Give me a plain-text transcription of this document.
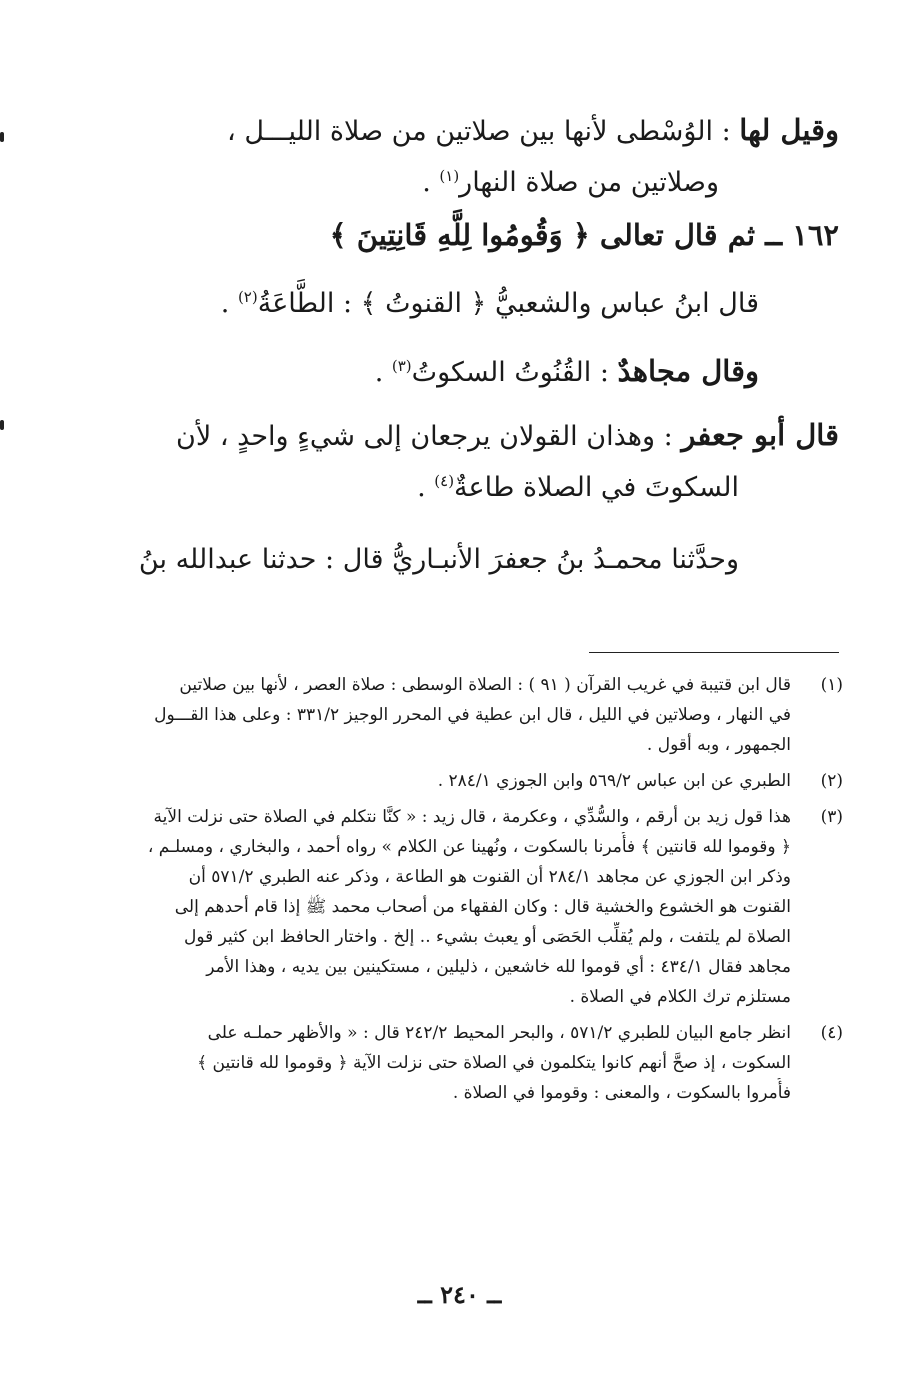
وقيل لها : الوُسْطى لأنها بين صلاتين من صلاة الليـــل ،
وصلاتين من صلاة النهار$^{(١)}$ .
١٦٢ ــ ثم قال تعالى ﴿ وَقُومُوا لِلَّهِ قَانِتِينَ ﴾
قال ابنُ عباس والشعبيُّ ﴿ القنوتُ ﴾ : الطَّاعَةُ$^{(٢)}$ .
وقال مجاهدٌ : القُنُوتُ السكوتُ$^{(٣)}$ .
قال أبو جعفر : وهذان القولان يرجعان إلى شيءٍ واحدٍ ، لأن
السكوتَ في الصلاة طاعةٌ$^{(٤)}$ .
وحدَّثنا محمـدُ بنُ جعفرَ الأنبـاريُّ قال : حدثنا عبدالله بنُ
(١)
قال ابن قتيبة في غريب القرآن ( ٩١ ) : الصلاة الوسطى : صلاة العصر ، لأنها بين صلاتين
في النهار ، وصلاتين في الليل ، قال ابن عطية في المحرر الوجيز ٣٣١/٢ : وعلى هذا القـــول
الجمهور ، وبه أقول .
(٢)
الطبري عن ابن عباس ٥٦٩/٢ وابن الجوزي ٢٨٤/١ .
(٣)
هذا قول زيد بن أرقم ، والسُّدِّي ، وعكرمة ، قال زيد : « كنَّا نتكلم في الصلاة حتى نزلت الآية
﴿ وقوموا لله قانتين ﴾ فأُمرنا بالسكوت ، ونُهينا عن الكلام » رواه أحمد ، والبخاري ، ومسلـم ،
وذكر ابن الجوزي عن مجاهد ٢٨٤/١ أن القنوت هو الطاعة ، وذكر عنه الطبري ٥٧١/٢ أن
القنوت هو الخشوع والخشية قال : وكان الفقهاء من أصحاب محمد ﷺ إذا قام أحدهم إلى
الصلاة لم يلتفت ، ولم يُقلِّب الحَصَى أو يعبث بشيء .. إلخ . واختار الحافظ ابن كثير قول
مجاهد فقال ٤٣٤/١ : أي قوموا لله خاشعين ، ذليلين ، مستكينين بين يديه ، وهذا الأمر
مستلزم ترك الكلام في الصلاة .
(٤)
انظر جامع البيان للطبري ٥٧١/٢ ، والبحر المحيط ٢٤٢/٢ قال : « والأظهر حملـه على
السكوت ، إذ صحَّ أنهم كانوا يتكلمون في الصلاة حتى نزلت الآية ﴿ وقوموا لله قانتين ﴾
فأُمروا بالسكوت ، والمعنى : وقوموا في الصلاة .
ــ ٢٤٠ ــ
